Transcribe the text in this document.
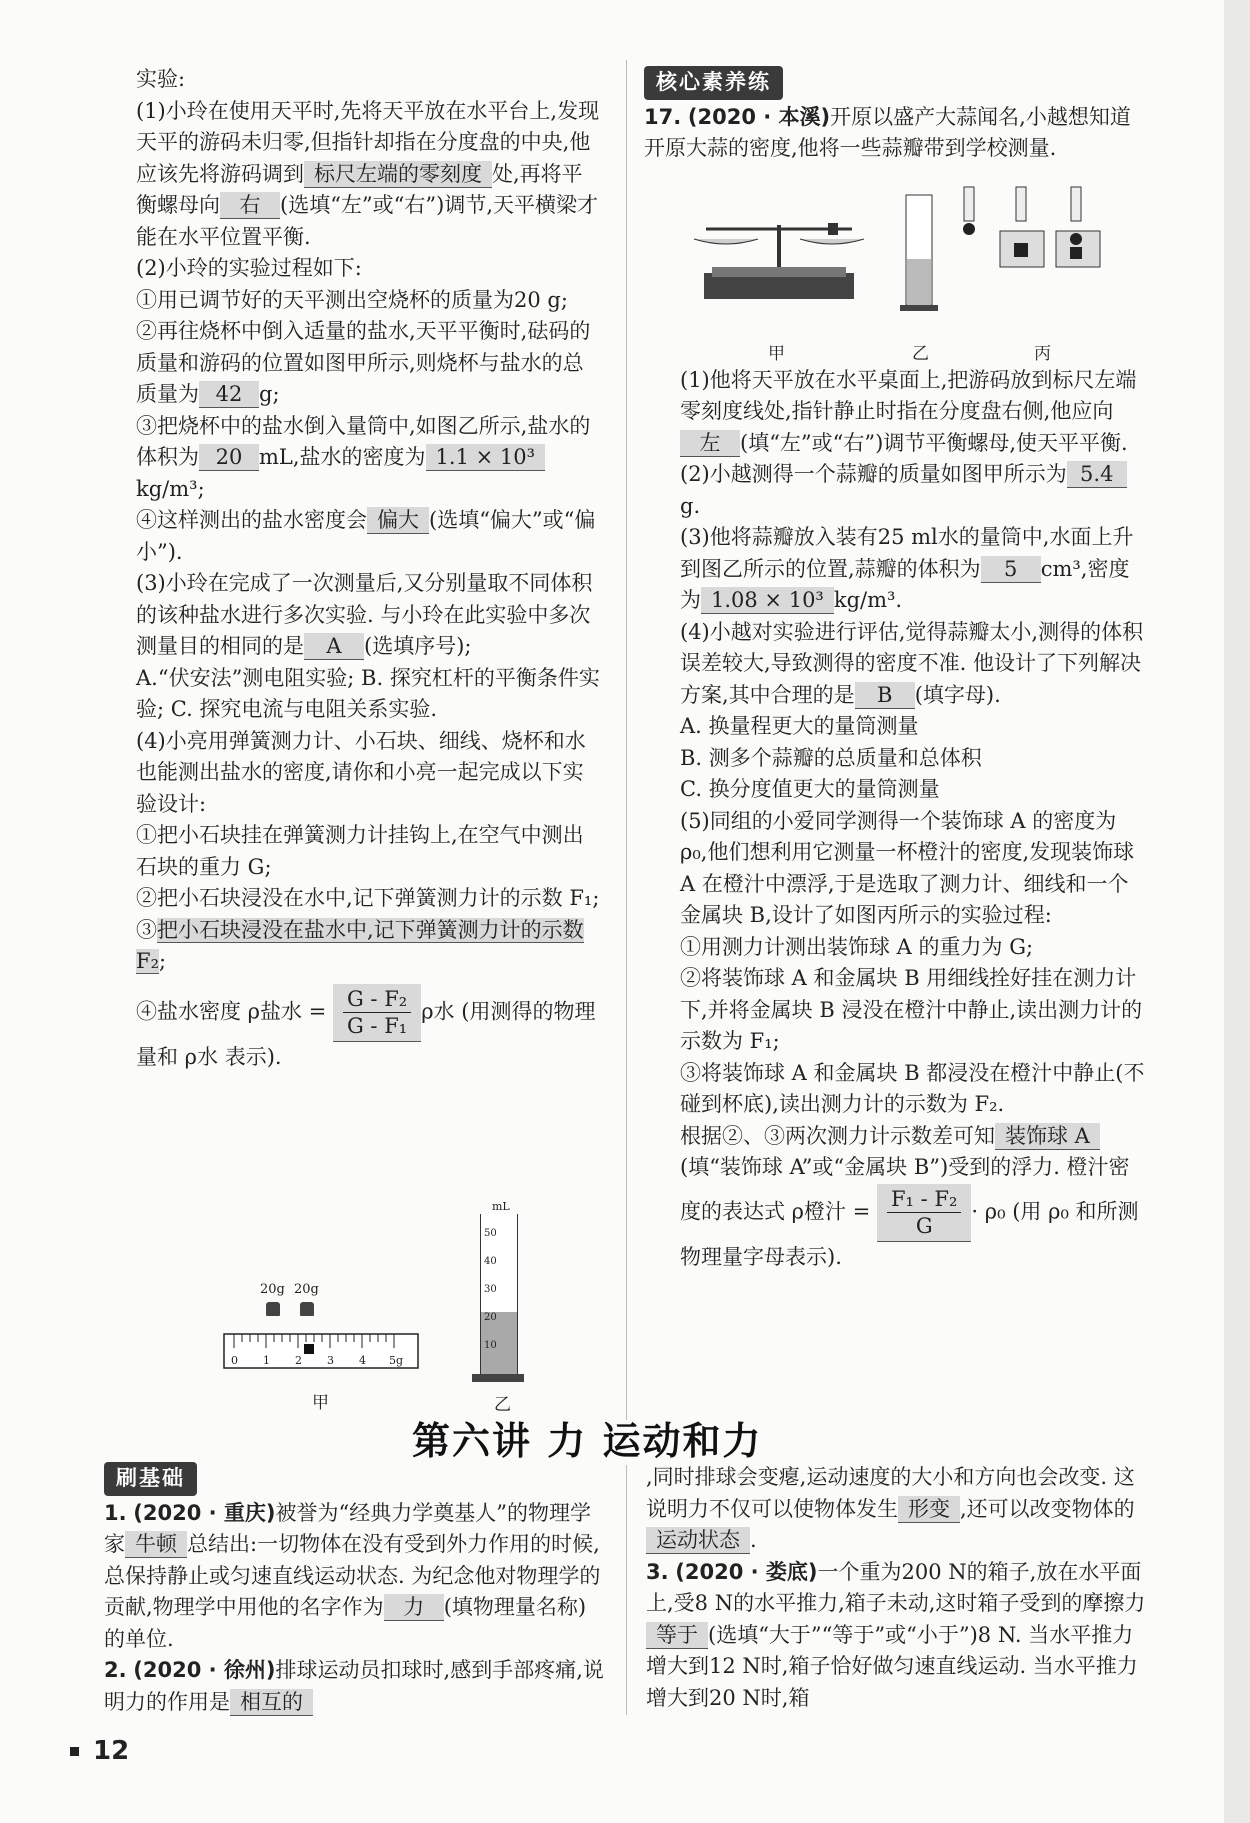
实验:

(1)小玲在使用天平时,先将天平放在水平台上,发现天平的游码未归零,但指针却指在分度盘的中央,他应该先将游码调到 标尺左端的零刻度 处,再将平衡螺母向 右 (选填“左”或“右”)调节,天平横梁才能在水平位置平衡.

(2)小玲的实验过程如下:

①用已调节好的天平测出空烧杯的质量为20 g;

②再往烧杯中倒入适量的盐水,天平平衡时,砝码的质量和游码的位置如图甲所示,则烧杯与盐水的总质量为 42 g;

③把烧杯中的盐水倒入量筒中,如图乙所示,盐水的体积为 20 mL,盐水的密度为 1.1 × 10³kg/m³;

④这样测出的盐水密度会 偏大 (选填“偏大”或“偏小”).

(3)小玲在完成了一次测量后,又分别量取不同体积的该种盐水进行多次实验. 与小玲在此实验中多次测量目的相同的是 A (选填序号);

A.“伏安法”测电阻实验; B. 探究杠杆的平衡条件实验; C. 探究电流与电阻关系实验.

(4)小亮用弹簧测力计、小石块、细线、烧杯和水也能测出盐水的密度,请你和小亮一起完成以下实验设计:

①把小石块挂在弹簧测力计挂钩上,在空气中测出石块的重力 G;

②把小石块浸没在水中,记下弹簧测力计的示数 F₁;

③把小石块浸没在盐水中,记下弹簧测力计的示数 F₂;

④盐水密度 ρ盐水 = $\frac{\text{G - F₂}}{\text{G - F₁}}$ ρ水 (用测得的物理量和 ρ水 表示).

20g 20g
0 1 2 3 4 5g
甲
mL
50
40
30
20
10
乙
核心素养练

17. (2020 · 本溪)开原以盛产大蒜闻名,小越想知道开原大蒜的密度,他将一些蒜瓣带到学校测量.

甲	乙	丙

(1)他将天平放在水平桌面上,把游码放到标尺左端零刻度线处,指针静止时指在分度盘右侧,他应向左 (填“左”或“右”)调节平衡螺母,使天平平衡.

(2)小越测得一个蒜瓣的质量如图甲所示为 5.4g.

(3)他将蒜瓣放入装有25 ml水的量筒中,水面上升到图乙所示的位置,蒜瓣的体积为 5 cm³,密度为 1.08 × 10³ kg/m³.

(4)小越对实验进行评估,觉得蒜瓣太小,测得的体积误差较大,导致测得的密度不准. 他设计了下列解决方案,其中合理的是 B (填字母).

A. 换量程更大的量筒测量

B. 测多个蒜瓣的总质量和总体积

C. 换分度值更大的量筒测量

(5)同组的小爱同学测得一个装饰球 A 的密度为 ρ₀,他们想利用它测量一杯橙汁的密度,发现装饰球 A 在橙汁中漂浮,于是选取了测力计、细线和一个金属块 B,设计了如图丙所示的实验过程:

①用测力计测出装饰球 A 的重力为 G;

②将装饰球 A 和金属块 B 用细线拴好挂在测力计下,并将金属块 B 浸没在橙汁中静止,读出测力计的示数为 F₁;

③将装饰球 A 和金属块 B 都浸没在橙汁中静止(不碰到杯底),读出测力计的示数为 F₂.

根据②、③两次测力计示数差可知 装饰球 A(填“装饰球 A”或“金属块 B”)受到的浮力. 橙汁密度的表达式 ρ橙汁 = $\frac{\text{F₁ - F₂}}{G} \cdot \rho_0$ (用 ρ₀ 和所测物理量字母表示).

第六讲 力 运动和力
刷基础

1. (2020 · 重庆)被誉为“经典力学奠基人”的物理学家 牛顿 总结出:一切物体在没有受到外力作用的时候,总保持静止或匀速直线运动状态. 为纪念他对物理学的贡献,物理学中用他的名字作为 力 (填物理量名称)的单位.

2. (2020 · 徐州)排球运动员扣球时,感到手部疼痛,说明力的作用是 相互的

,同时排球会变瘪,运动速度的大小和方向也会改变. 这说明力不仅可以使物体发生 形变 ,还可以改变物体的运动状态 .

3. (2020 · 娄底)一个重为200 N的箱子,放在水平面上,受8 N的水平推力,箱子未动,这时箱子受到的摩擦力等于 (选填“大于”“等于”或“小于”)8 N. 当水平推力增大到12 N时,箱子恰好做匀速直线运动. 当水平推力增大到20 N时,箱

12
